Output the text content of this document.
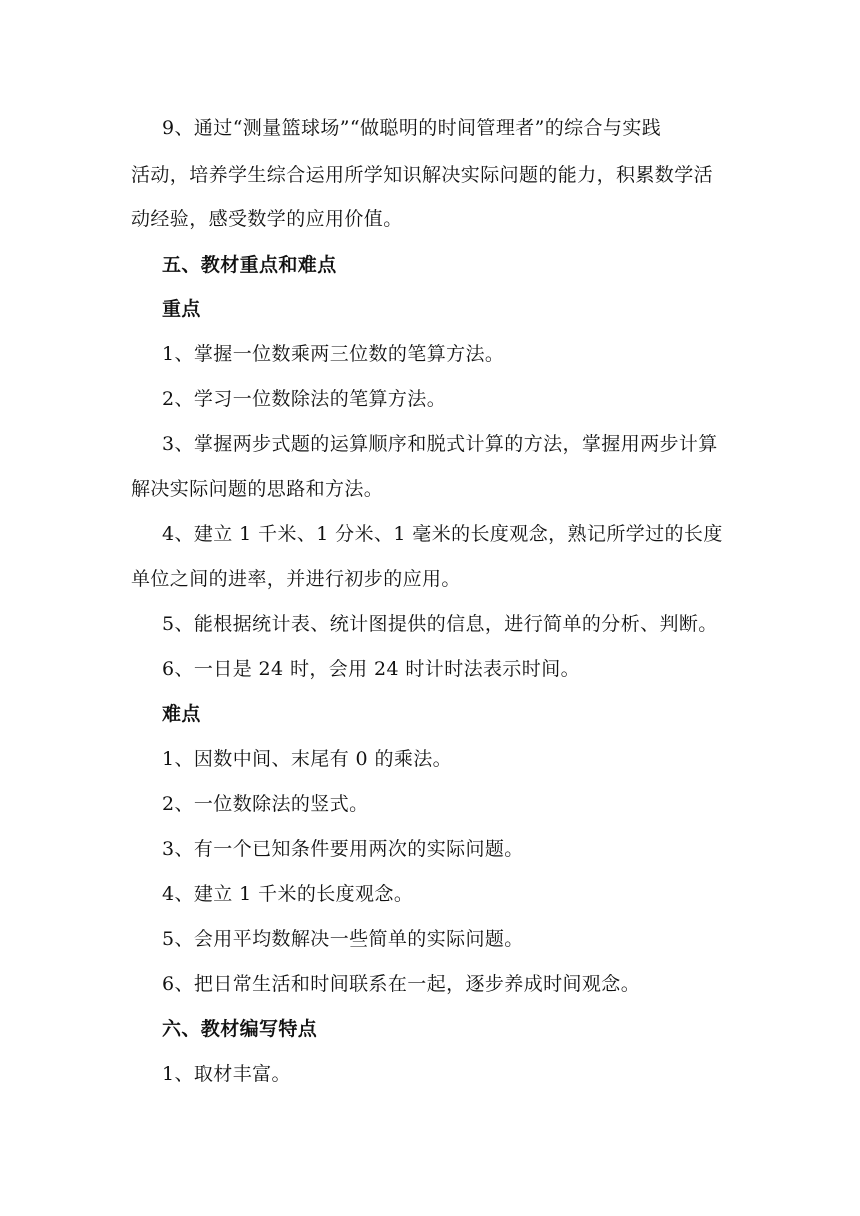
9、通过“测量篮球场”“做聪明的时间管理者”的综合与实践
活动，培养学生综合运用所学知识解决实际问题的能力，积累数学活
动经验，感受数学的应用价值。
五、教材重点和难点
重点
1、掌握一位数乘两三位数的笔算方法。
2、学习一位数除法的笔算方法。
3、掌握两步式题的运算顺序和脱式计算的方法，掌握用两步计算
解决实际问题的思路和方法。
4、建立 1 千米、1 分米、1 毫米的长度观念，熟记所学过的长度
单位之间的进率，并进行初步的应用。
5、能根据统计表、统计图提供的信息，进行简单的分析、判断。
6、一日是 24 时，会用 24 时计时法表示时间。
难点
1、因数中间、末尾有 0 的乘法。
2、一位数除法的竖式。
3、有一个已知条件要用两次的实际问题。
4、建立 1 千米的长度观念。
5、会用平均数解决一些简单的实际问题。
6、把日常生活和时间联系在一起，逐步养成时间观念。
六、教材编写特点
1、取材丰富。
